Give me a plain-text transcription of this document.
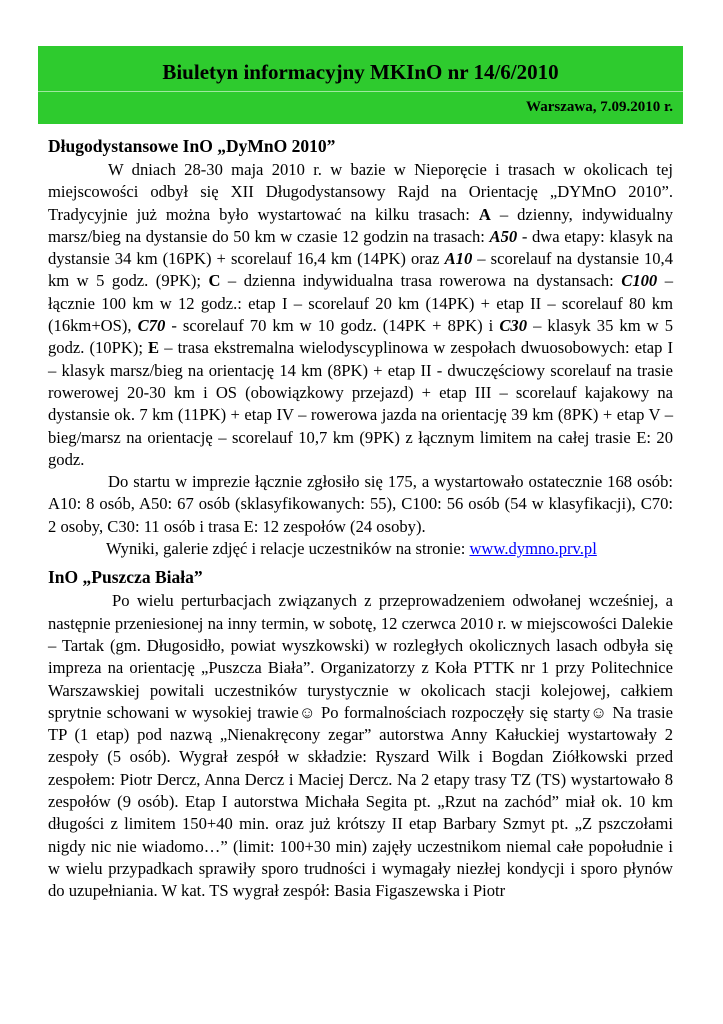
Biuletyn informacyjny MKInO nr 14/6/2010
Warszawa, 7.09.2010 r.
Długodystansowe InO „DyMnO 2010”

W dniach 28-30 maja 2010 r. w bazie w Nieporęcie i trasach w okolicach tej miejscowości odbył się XII Długodystansowy Rajd na Orientację „DYMnO 2010”. Tradycyjnie już można było wystartować na kilku trasach: A – dzienny, indywidualny marsz/bieg na dystansie do 50 km w czasie 12 godzin na trasach: A50 - dwa etapy: klasyk na dystansie 34 km (16PK) + scorelauf 16,4 km (14PK) oraz A10 – scorelauf na dystansie 10,4 km w 5 godz. (9PK); C – dzienna indywidualna trasa rowerowa na dystansach: C100 – łącznie 100 km w 12 godz.: etap I – scorelauf 20 km (14PK) + etap II – scorelauf 80 km (16km+OS), C70 - scorelauf 70 km w 10 godz. (14PK + 8PK) i C30 – klasyk 35 km w 5 godz. (10PK); E – trasa ekstremalna wielodyscyplinowa w zespołach dwuosobowych: etap I – klasyk marsz/bieg na orientację 14 km (8PK) + etap II - dwuczęściowy scorelauf na trasie rowerowej 20-30 km i OS (obowiązkowy przejazd) + etap III – scorelauf kajakowy na dystansie ok. 7 km (11PK) + etap IV – rowerowa jazda na orientację 39 km (8PK) + etap V – bieg/marsz na orientację – scorelauf 10,7 km (9PK) z łącznym limitem na całej trasie E: 20 godz.

Do startu w imprezie łącznie zgłosiło się 175, a wystartowało ostatecznie 168 osób: A10: 8 osób, A50: 67 osób (sklasyfikowanych: 55), C100: 56 osób (54 w klasyfikacji), C70: 2 osoby, C30: 11 osób i trasa E: 12 zespołów (24 osoby).

Wyniki, galerie zdjęć i relacje uczestników na stronie: www.dymno.prv.pl

InO „Puszcza Biała”

Po wielu perturbacjach związanych z przeprowadzeniem odwołanej wcześniej, a następnie przeniesionej na inny termin, w sobotę, 12 czerwca 2010 r. w miejscowości Dalekie – Tartak (gm. Długosidło, powiat wyszkowski) w rozległych okolicznych lasach odbyła się impreza na orientację „Puszcza Biała”. Organizatorzy z Koła PTTK nr 1 przy Politechnice Warszawskiej powitali uczestników turystycznie w okolicach stacji kolejowej, całkiem sprytnie schowani w wysokiej trawie☺ Po formalnościach rozpoczęły się starty☺ Na trasie TP (1 etap) pod nazwą „Nienakręcony zegar” autorstwa Anny Kałuckiej wystartowały 2 zespoły (5 osób). Wygrał zespół w składzie: Ryszard Wilk i Bogdan Ziółkowski przed zespołem: Piotr Dercz, Anna Dercz i Maciej Dercz. Na 2 etapy trasy TZ (TS) wystartowało 8 zespołów (9 osób). Etap I autorstwa Michała Segita pt. „Rzut na zachód” miał ok. 10 km długości z limitem 150+40 min. oraz już krótszy II etap Barbary Szmyt pt. „Z pszczołami nigdy nic nie wiadomo…” (limit: 100+30 min) zajęły uczestnikom niemal całe popołudnie i w wielu przypadkach sprawiły sporo trudności i wymagały niezłej kondycji i sporo płynów do uzupełniania. W kat. TS wygrał zespół: Basia Figaszewska i Piotr
